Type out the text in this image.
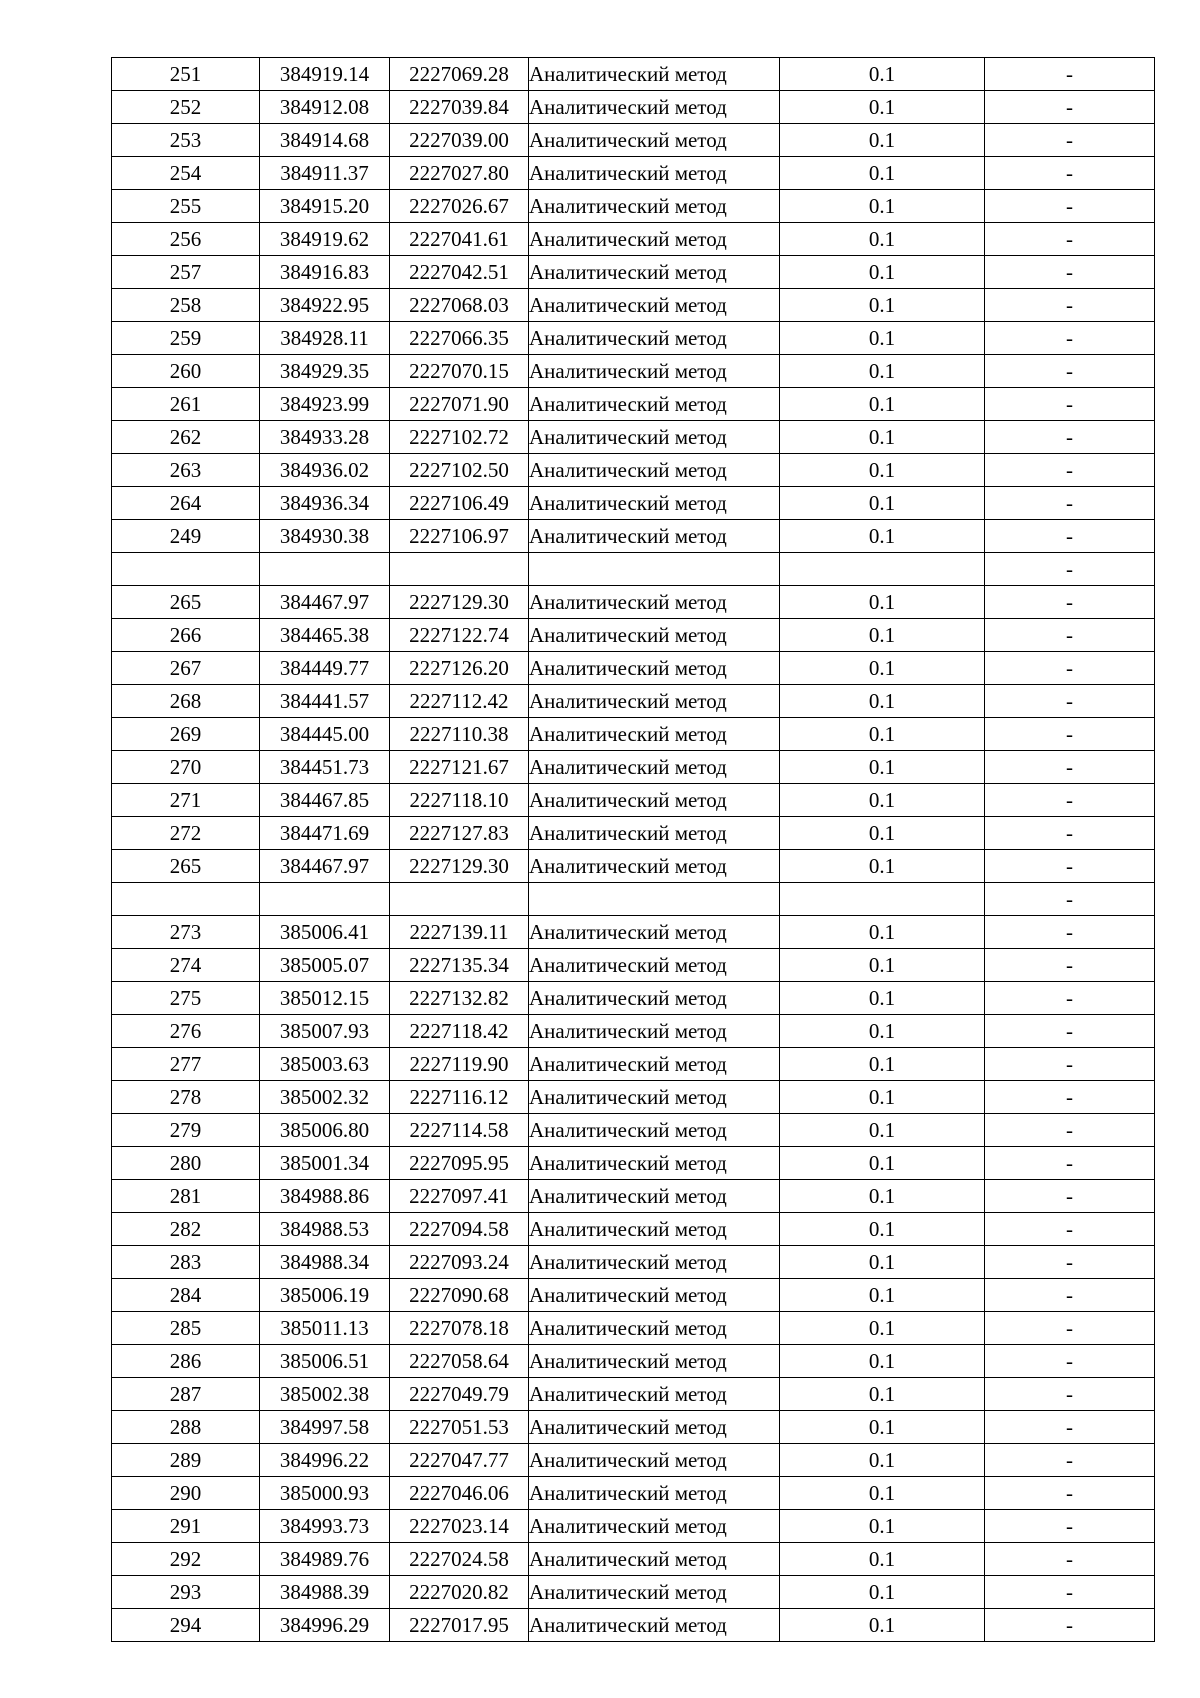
251	384919.14	2227069.28	Аналитический метод	0.1	-
252	384912.08	2227039.84	Аналитический метод	0.1	-
253	384914.68	2227039.00	Аналитический метод	0.1	-
254	384911.37	2227027.80	Аналитический метод	0.1	-
255	384915.20	2227026.67	Аналитический метод	0.1	-
256	384919.62	2227041.61	Аналитический метод	0.1	-
257	384916.83	2227042.51	Аналитический метод	0.1	-
258	384922.95	2227068.03	Аналитический метод	0.1	-
259	384928.11	2227066.35	Аналитический метод	0.1	-
260	384929.35	2227070.15	Аналитический метод	0.1	-
261	384923.99	2227071.90	Аналитический метод	0.1	-
262	384933.28	2227102.72	Аналитический метод	0.1	-
263	384936.02	2227102.50	Аналитический метод	0.1	-
264	384936.34	2227106.49	Аналитический метод	0.1	-
249	384930.38	2227106.97	Аналитический метод	0.1	-
					-
265	384467.97	2227129.30	Аналитический метод	0.1	-
266	384465.38	2227122.74	Аналитический метод	0.1	-
267	384449.77	2227126.20	Аналитический метод	0.1	-
268	384441.57	2227112.42	Аналитический метод	0.1	-
269	384445.00	2227110.38	Аналитический метод	0.1	-
270	384451.73	2227121.67	Аналитический метод	0.1	-
271	384467.85	2227118.10	Аналитический метод	0.1	-
272	384471.69	2227127.83	Аналитический метод	0.1	-
265	384467.97	2227129.30	Аналитический метод	0.1	-
					-
273	385006.41	2227139.11	Аналитический метод	0.1	-
274	385005.07	2227135.34	Аналитический метод	0.1	-
275	385012.15	2227132.82	Аналитический метод	0.1	-
276	385007.93	2227118.42	Аналитический метод	0.1	-
277	385003.63	2227119.90	Аналитический метод	0.1	-
278	385002.32	2227116.12	Аналитический метод	0.1	-
279	385006.80	2227114.58	Аналитический метод	0.1	-
280	385001.34	2227095.95	Аналитический метод	0.1	-
281	384988.86	2227097.41	Аналитический метод	0.1	-
282	384988.53	2227094.58	Аналитический метод	0.1	-
283	384988.34	2227093.24	Аналитический метод	0.1	-
284	385006.19	2227090.68	Аналитический метод	0.1	-
285	385011.13	2227078.18	Аналитический метод	0.1	-
286	385006.51	2227058.64	Аналитический метод	0.1	-
287	385002.38	2227049.79	Аналитический метод	0.1	-
288	384997.58	2227051.53	Аналитический метод	0.1	-
289	384996.22	2227047.77	Аналитический метод	0.1	-
290	385000.93	2227046.06	Аналитический метод	0.1	-
291	384993.73	2227023.14	Аналитический метод	0.1	-
292	384989.76	2227024.58	Аналитический метод	0.1	-
293	384988.39	2227020.82	Аналитический метод	0.1	-
294	384996.29	2227017.95	Аналитический метод	0.1	-
